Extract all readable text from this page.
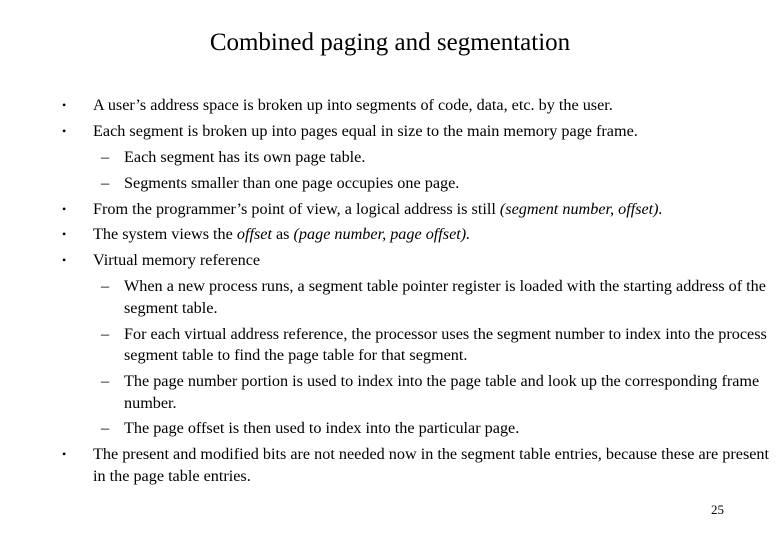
Combined paging and segmentation
• A user’s address space is broken up into segments of code, data, etc. by the user.
• Each segment is broken up into pages equal in size to the main memory page frame.
– Each segment has its own page table.
– Segments smaller than one page occupies one page.
• From the programmer’s point of view, a logical address is still (segment number, offset).
• The system views the offset as (page number, page offset).
• Virtual memory reference
– When a new process runs, a segment table pointer register is loaded with the starting address of the segment table.
– For each virtual address reference, the processor uses the segment number to index into the process segment table to find the page table for that segment.
– The page number portion is used to index into the page table and look up the corresponding frame number.
– The page offset is then used to index into the particular page.
• The present and modified bits are not needed now in the segment table entries, because these are present in the page table entries.
25
